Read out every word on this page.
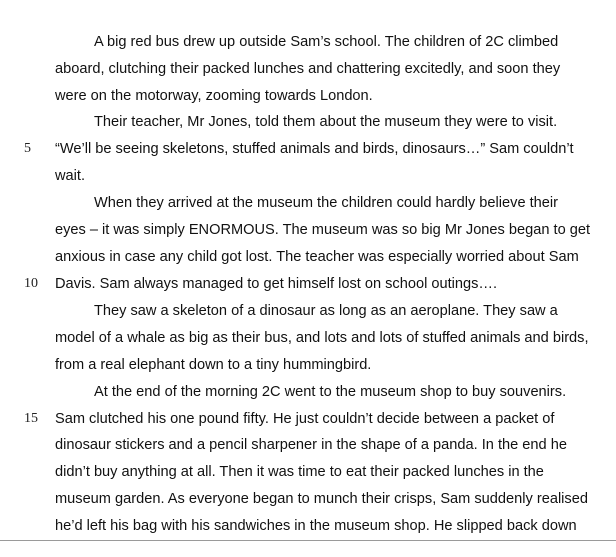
A big red bus drew up outside Sam’s school. The children of 2C climbed
aboard, clutching their packed lunches and chattering excitedly, and soon they
were on the motorway, zooming towards London.
Their teacher, Mr Jones, told them about the museum they were to visit.
5	“We’ll be seeing skeletons, stuffed animals and birds, dinosaurs…” Sam couldn’t
wait.
When they arrived at the museum the children could hardly believe their
eyes – it was simply ENORMOUS. The museum was so big Mr Jones began to get
anxious in case any child got lost. The teacher was especially worried about Sam
10	Davis. Sam always managed to get himself lost on school outings….
They saw a skeleton of a dinosaur as long as an aeroplane. They saw a
model of a whale as big as their bus, and lots and lots of stuffed animals and birds,
from a real elephant down to a tiny hummingbird.
At the end of the morning 2C went to the museum shop to buy souvenirs.
15	Sam clutched his one pound fifty. He just couldn’t decide between a packet of
dinosaur stickers and a pencil sharpener in the shape of a panda. In the end he
didn’t buy anything at all. Then it was time to eat their packed lunches in the
museum garden. As everyone began to munch their crisps, Sam suddenly realised
he’d left his bag with his sandwiches in the museum shop. He slipped back down
